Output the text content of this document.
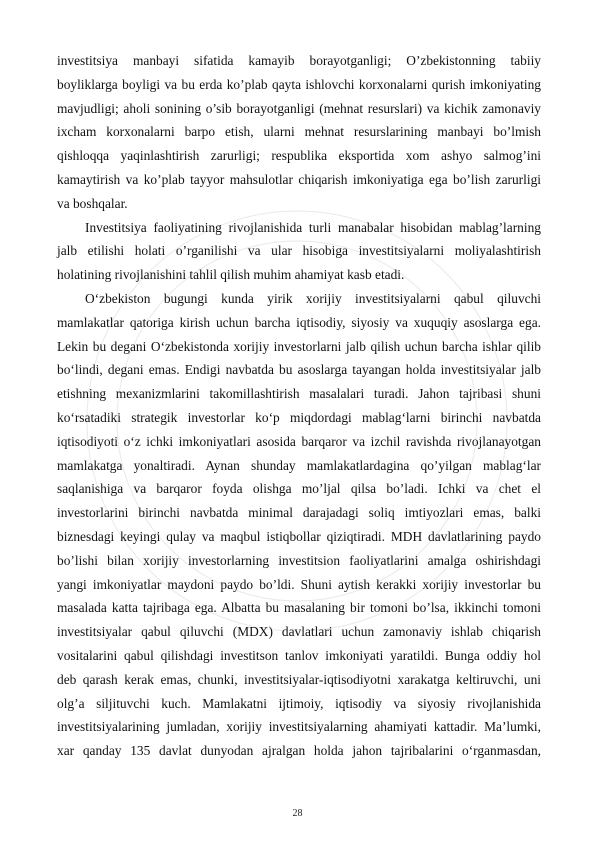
investitsiya manbayi sifatida kamayib borayotganligi; O’zbekistonning tabiiy
boyliklarga boyligi va bu erda ko’plab qayta ishlovchi korxonalarni qurish imkoniyating
mavjudligi; aholi sonining o’sib borayotganligi (mehnat resurslari) va kichik zamonaviy
ixcham korxonalarni barpo etish, ularni mehnat resurslarining manbayi bo’lmish
qishloqqa yaqinlashtirish zarurligi; respublika eksportida xom ashyo salmog’ini
kamaytirish va ko’plab tayyor mahsulotlar chiqarish imkoniyatiga ega bo’lish zarurligi
va boshqalar.
Investitsiya faoliyatining rivojlanishida turli manabalar hisobidan mablag’larning
jalb etilishi holati o’rganilishi va ular hisobiga investitsiyalarni moliyalashtirish
holatining rivojlanishini tahlil qilish muhim ahamiyat kasb etadi.
O‘zbekiston bugungi kunda yirik xorijiy investitsiyalarni qabul qiluvchi
mamlakatlar qatoriga kirish uchun barcha iqtisodiy, siyosiy va xuquqiy asoslarga ega.
Lekin bu degani O‘zbekistonda xorijiy investorlarni jalb qilish uchun barcha ishlar qilib
bo‘lindi, degani emas. Endigi navbatda bu asoslarga tayangan holda investitsiyalar jalb
etishning mexanizmlarini takomillashtirish masalalari turadi. Jahon tajribasi shuni
ko‘rsatadiki strategik investorlar ko‘p miqdordagi mablag‘larni birinchi navbatda
iqtisodiyoti o‘z ichki imkoniyatlari asosida barqaror va izchil ravishda rivojlanayotgan
mamlakatga yonaltiradi. Aynan shunday mamlakatlardagina qo’yilgan mablag‘lar
saqlanishiga va barqaror foyda olishga mo’ljal qilsa bo’ladi. Ichki va chet el
investorlarini birinchi navbatda minimal darajadagi soliq imtiyozlari emas, balki
biznesdagi keyingi qulay va maqbul istiqbollar qiziqtiradi. MDH davlatlarining paydo
bo’lishi bilan xorijiy investorlarning investitsion faoliyatlarini amalga oshirishdagi
yangi imkoniyatlar maydoni paydo bo’ldi. Shuni aytish kerakki xorijiy investorlar bu
masalada katta tajribaga ega. Albatta bu masalaning bir tomoni bo’lsa, ikkinchi tomoni
investitsiyalar qabul qiluvchi (MDX) davlatlari uchun zamonaviy ishlab chiqarish
vositalarini qabul qilishdagi investitson tanlov imkoniyati yaratildi. Bunga oddiy hol
deb qarash kerak emas, chunki, investitsiyalar-iqtisodiyotni xarakatga keltiruvchi, uni
olg’a siljituvchi kuch. Mamlakatni ijtimoiy, iqtisodiy va siyosiy rivojlanishida
investitsiyalarining jumladan, xorijiy investitsiyalarning ahamiyati kattadir. Ma’lumki,
xar qanday 135 davlat dunyodan ajralgan holda jahon tajribalarini o‘rganmasdan,
28
